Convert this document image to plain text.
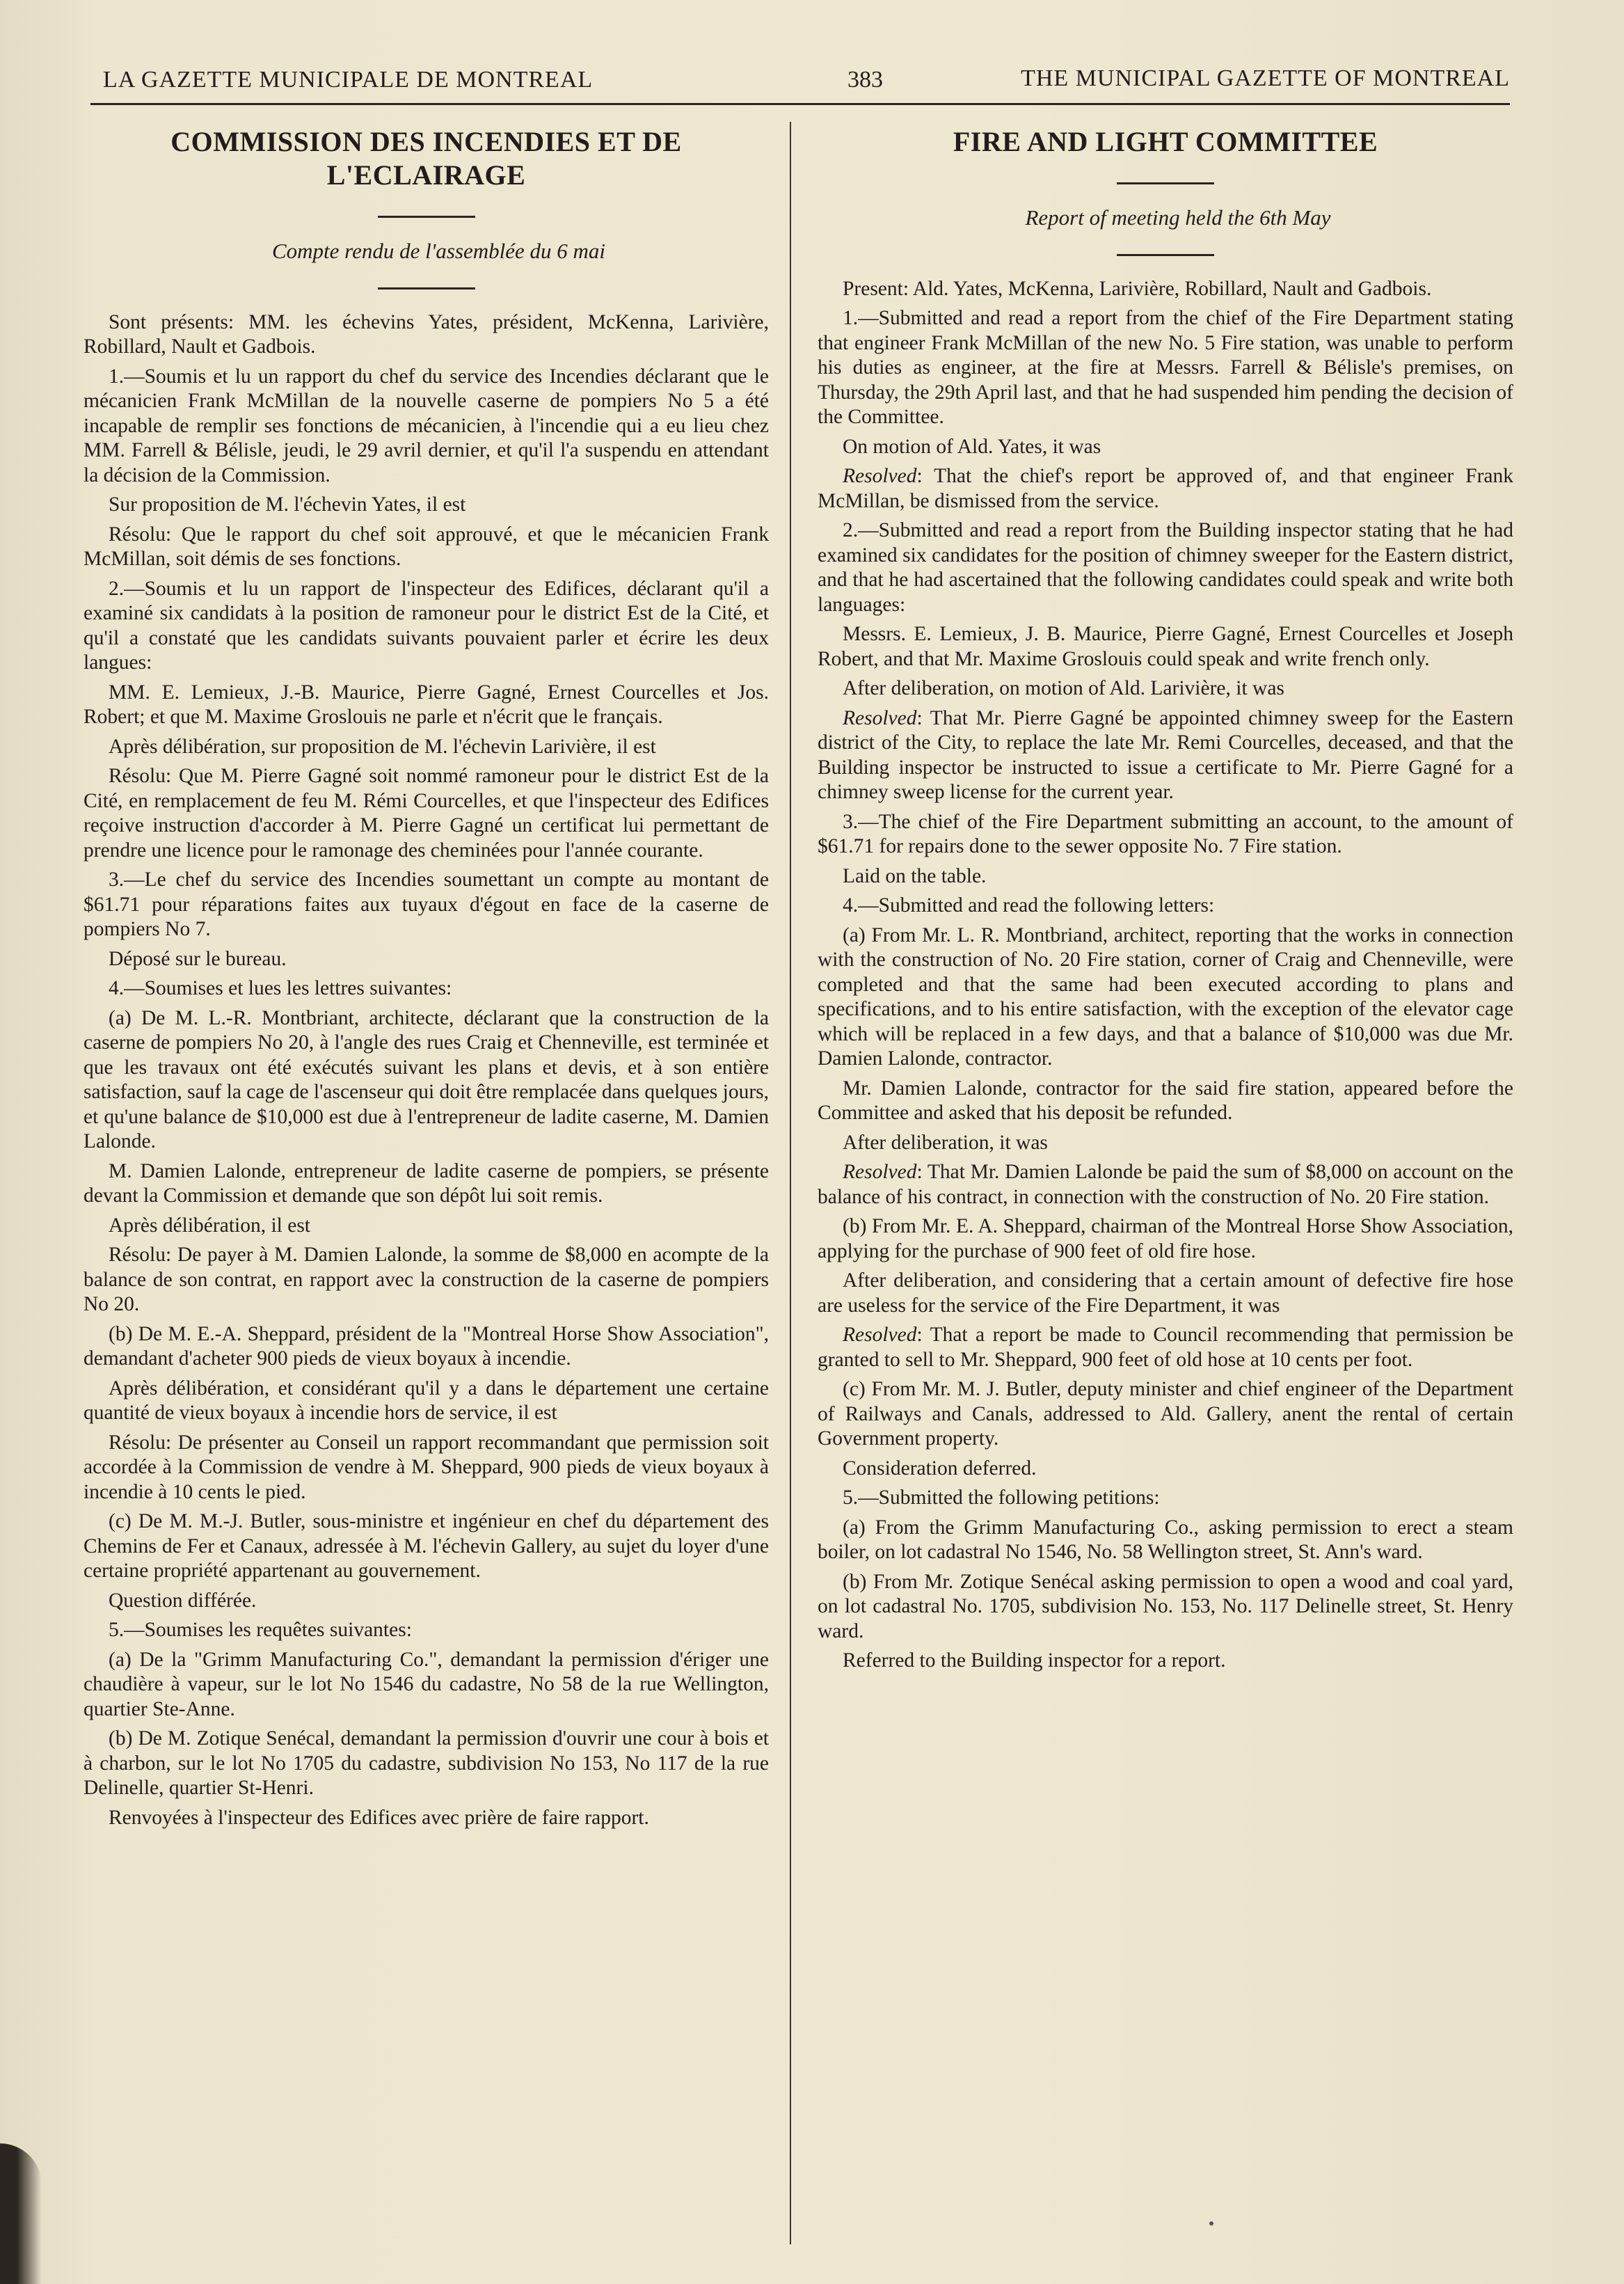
LA GAZETTE MUNICIPALE DE MONTREAL	383	THE MUNICIPAL GAZETTE OF MONTREAL
COMMISSION DES INCENDIES ET DE L'ECLAIRAGE

Compte rendu de l'assemblée du 6 mai

Sont présents: MM. les échevins Yates, président, McKenna, Larivière, Robillard, Nault et Gadbois.

1.—Soumis et lu un rapport du chef du service des Incendies déclarant que le mécanicien Frank McMillan de la nouvelle caserne de pompiers No 5 a été incapable de remplir ses fonctions de mécanicien, à l'incendie qui a eu lieu chez MM. Farrell & Bélisle, jeudi, le 29 avril dernier, et qu'il l'a suspendu en attendant la décision de la Commission.

Sur proposition de M. l'échevin Yates, il est

Résolu: Que le rapport du chef soit approuvé, et que le mécanicien Frank McMillan, soit démis de ses fonctions.

2.—Soumis et lu un rapport de l'inspecteur des Edifices, déclarant qu'il a examiné six candidats à la position de ramoneur pour le district Est de la Cité, et qu'il a constaté que les candidats suivants pouvaient parler et écrire les deux langues:

MM. E. Lemieux, J.-B. Maurice, Pierre Gagné, Ernest Courcelles et Jos. Robert; et que M. Maxime Groslouis ne parle et n'écrit que le français.

Après délibération, sur proposition de M. l'échevin Larivière, il est

Résolu: Que M. Pierre Gagné soit nommé ramoneur pour le district Est de la Cité, en remplacement de feu M. Rémi Courcelles, et que l'inspecteur des Edifices reçoive instruction d'accorder à M. Pierre Gagné un certificat lui permettant de prendre une licence pour le ramonage des cheminées pour l'année courante.

3.—Le chef du service des Incendies soumettant un compte au montant de $61.71 pour réparations faites aux tuyaux d'égout en face de la caserne de pompiers No 7.

Déposé sur le bureau.

4.—Soumises et lues les lettres suivantes:

(a) De M. L.-R. Montbriant, architecte, déclarant que la construction de la caserne de pompiers No 20, à l'angle des rues Craig et Chenneville, est terminée et que les travaux ont été exécutés suivant les plans et devis, et à son entière satisfaction, sauf la cage de l'ascenseur qui doit être remplacée dans quelques jours, et qu'une balance de $10,000 est due à l'entrepreneur de ladite caserne, M. Damien Lalonde.

M. Damien Lalonde, entrepreneur de ladite caserne de pompiers, se présente devant la Commission et demande que son dépôt lui soit remis.

Après délibération, il est

Résolu: De payer à M. Damien Lalonde, la somme de $8,000 en acompte de la balance de son contrat, en rapport avec la construction de la caserne de pompiers No 20.

(b) De M. E.-A. Sheppard, président de la "Montreal Horse Show Association", demandant d'acheter 900 pieds de vieux boyaux à incendie.

Après délibération, et considérant qu'il y a dans le département une certaine quantité de vieux boyaux à incendie hors de service, il est

Résolu: De présenter au Conseil un rapport recommandant que permission soit accordée à la Commission de vendre à M. Sheppard, 900 pieds de vieux boyaux à incendie à 10 cents le pied.

(c) De M. M.-J. Butler, sous-ministre et ingénieur en chef du département des Chemins de Fer et Canaux, adressée à M. l'échevin Gallery, au sujet du loyer d'une certaine propriété appartenant au gouvernement.

Question différée.

5.—Soumises les requêtes suivantes:

(a) De la "Grimm Manufacturing Co.", demandant la permission d'ériger une chaudière à vapeur, sur le lot No 1546 du cadastre, No 58 de la rue Wellington, quartier Ste-Anne.

(b) De M. Zotique Senécal, demandant la permission d'ouvrir une cour à bois et à charbon, sur le lot No 1705 du cadastre, subdivision No 153, No 117 de la rue Delinelle, quartier St-Henri.

Renvoyées à l'inspecteur des Edifices avec prière de faire rapport.

FIRE AND LIGHT COMMITTEE

Report of meeting held the 6th May

Present: Ald. Yates, McKenna, Larivière, Robillard, Nault and Gadbois.

1.—Submitted and read a report from the chief of the Fire Department stating that engineer Frank McMillan of the new No. 5 Fire station, was unable to perform his duties as engineer, at the fire at Messrs. Farrell & Bélisle's premises, on Thursday, the 29th April last, and that he had suspended him pending the decision of the Committee.

On motion of Ald. Yates, it was

Resolved: That the chief's report be approved of, and that engineer Frank McMillan, be dismissed from the service.

2.—Submitted and read a report from the Building inspector stating that he had examined six candidates for the position of chimney sweeper for the Eastern district, and that he had ascertained that the following candidates could speak and write both languages:

Messrs. E. Lemieux, J. B. Maurice, Pierre Gagné, Ernest Courcelles et Joseph Robert, and that Mr. Maxime Groslouis could speak and write french only.

After deliberation, on motion of Ald. Larivière, it was

Resolved: That Mr. Pierre Gagné be appointed chimney sweep for the Eastern district of the City, to replace the late Mr. Remi Courcelles, deceased, and that the Building inspector be instructed to issue a certificate to Mr. Pierre Gagné for a chimney sweep license for the current year.

3.—The chief of the Fire Department submitting an account, to the amount of $61.71 for repairs done to the sewer opposite No. 7 Fire station.

Laid on the table.

4.—Submitted and read the following letters:

(a) From Mr. L. R. Montbriand, architect, reporting that the works in connection with the construction of No. 20 Fire station, corner of Craig and Chenneville, were completed and that the same had been executed according to plans and specifications, and to his entire satisfaction, with the exception of the elevator cage which will be replaced in a few days, and that a balance of $10,000 was due Mr. Damien Lalonde, contractor.

Mr. Damien Lalonde, contractor for the said fire station, appeared before the Committee and asked that his deposit be refunded.

After deliberation, it was

Resolved: That Mr. Damien Lalonde be paid the sum of $8,000 on account on the balance of his contract, in connection with the construction of No. 20 Fire station.

(b) From Mr. E. A. Sheppard, chairman of the Montreal Horse Show Association, applying for the purchase of 900 feet of old fire hose.

After deliberation, and considering that a certain amount of defective fire hose are useless for the service of the Fire Department, it was

Resolved: That a report be made to Council recommending that permission be granted to sell to Mr. Sheppard, 900 feet of old hose at 10 cents per foot.

(c) From Mr. M. J. Butler, deputy minister and chief engineer of the Department of Railways and Canals, addressed to Ald. Gallery, anent the rental of certain Government property.

Consideration deferred.

5.—Submitted the following petitions:

(a) From the Grimm Manufacturing Co., asking permission to erect a steam boiler, on lot cadastral No 1546, No. 58 Wellington street, St. Ann's ward.

(b) From Mr. Zotique Senécal asking permission to open a wood and coal yard, on lot cadastral No. 1705, subdivision No. 153, No. 117 Delinelle street, St. Henry ward.

Referred to the Building inspector for a report.
